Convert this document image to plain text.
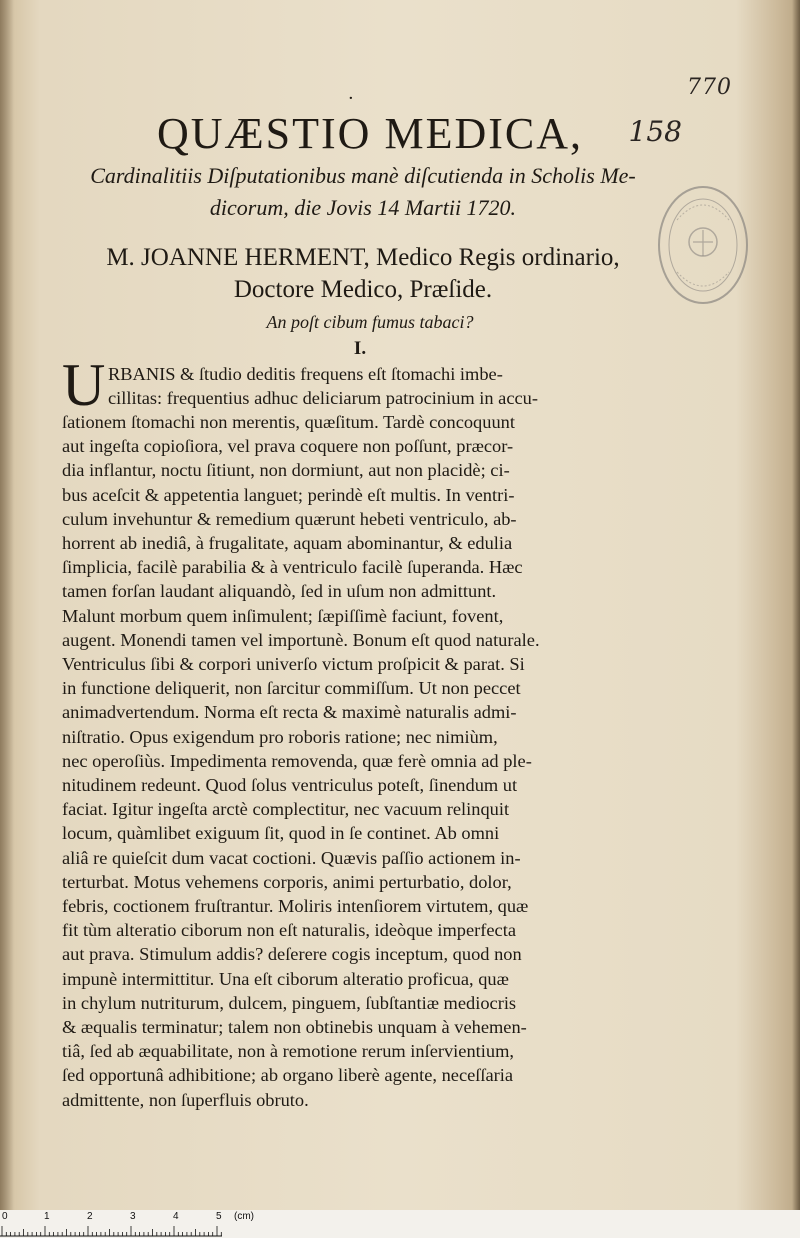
·	770
158
QUÆSTIO MEDICA,
Cardinalitiis Diſputationibus manè diſcutienda in Scholis Me-
dicorum, die Jovis 14 Martii 1720.
M. JOANNE HERMENT, Medico Regis ordinario,
Doctore Medico, Præſide.
An poſt cibum fumus tabaci?
I.
U RBANIS & ſtudio deditis frequens eſt ſtomachi imbe-
cillitas: frequentius adhuc deliciarum patrocinium in accu-
ſationem ſtomachi non merentis, quæſitum. Tardè concoquunt
aut ingeſta copioſiora, vel prava coquere non poſſunt, præcor-
dia inflantur, noctu ſitiunt, non dormiunt, aut non placidè; ci-
bus aceſcit & appetentia languet; perindè eſt multis. In ventri-
culum invehuntur & remedium quærunt hebeti ventriculo, ab-
horrent ab inediâ, à frugalitate, aquam abominantur, & edulia
ſimplicia, facilè parabilia & à ventriculo facilè ſuperanda. Hæc
tamen forſan laudant aliquandò, ſed in uſum non admittunt.
Malunt morbum quem inſimulent; ſæpiſſimè faciunt, fovent,
augent. Monendi tamen vel importunè. Bonum eſt quod naturale.
Ventriculus ſibi & corpori univerſo victum proſpicit & parat. Si
in functione deliquerit, non ſarcitur commiſſum. Ut non peccet
animadvertendum. Norma eſt recta & maximè naturalis admi-
niſtratio. Opus exigendum pro roboris ratione; nec nimiùm,
nec operoſiùs. Impedimenta removenda, quæ ferè omnia ad ple-
nitudinem redeunt. Quod ſolus ventriculus poteſt, ſinendum ut
faciat. Igitur ingeſta arctè complectitur, nec vacuum relinquit
locum, quàmlibet exiguum ſit, quod in ſe continet. Ab omni
aliâ re quieſcit dum vacat coctioni. Quævis paſſio actionem in-
terturbat. Motus vehemens corporis, animi perturbatio, dolor,
febris, coctionem fruſtrantur. Moliris intenſiorem virtutem, quæ
fit tùm alteratio ciborum non eſt naturalis, ideòque imperfecta
aut prava. Stimulum addis? deſerere cogis inceptum, quod non
impunè intermittitur. Una eſt ciborum alteratio proficua, quæ
in chylum nutriturum, dulcem, pinguem, ſubſtantiæ mediocris
& æqualis terminatur; talem non obtinebis unquam à vehemen-
tiâ, ſed ab æquabilitate, non à remotione rerum inſervientium,
ſed opportunâ adhibitione; ab organo liberè agente, neceſſaria
admittente, non ſuperfluis obruto.
0	1	2	3	4	5 (cm)
